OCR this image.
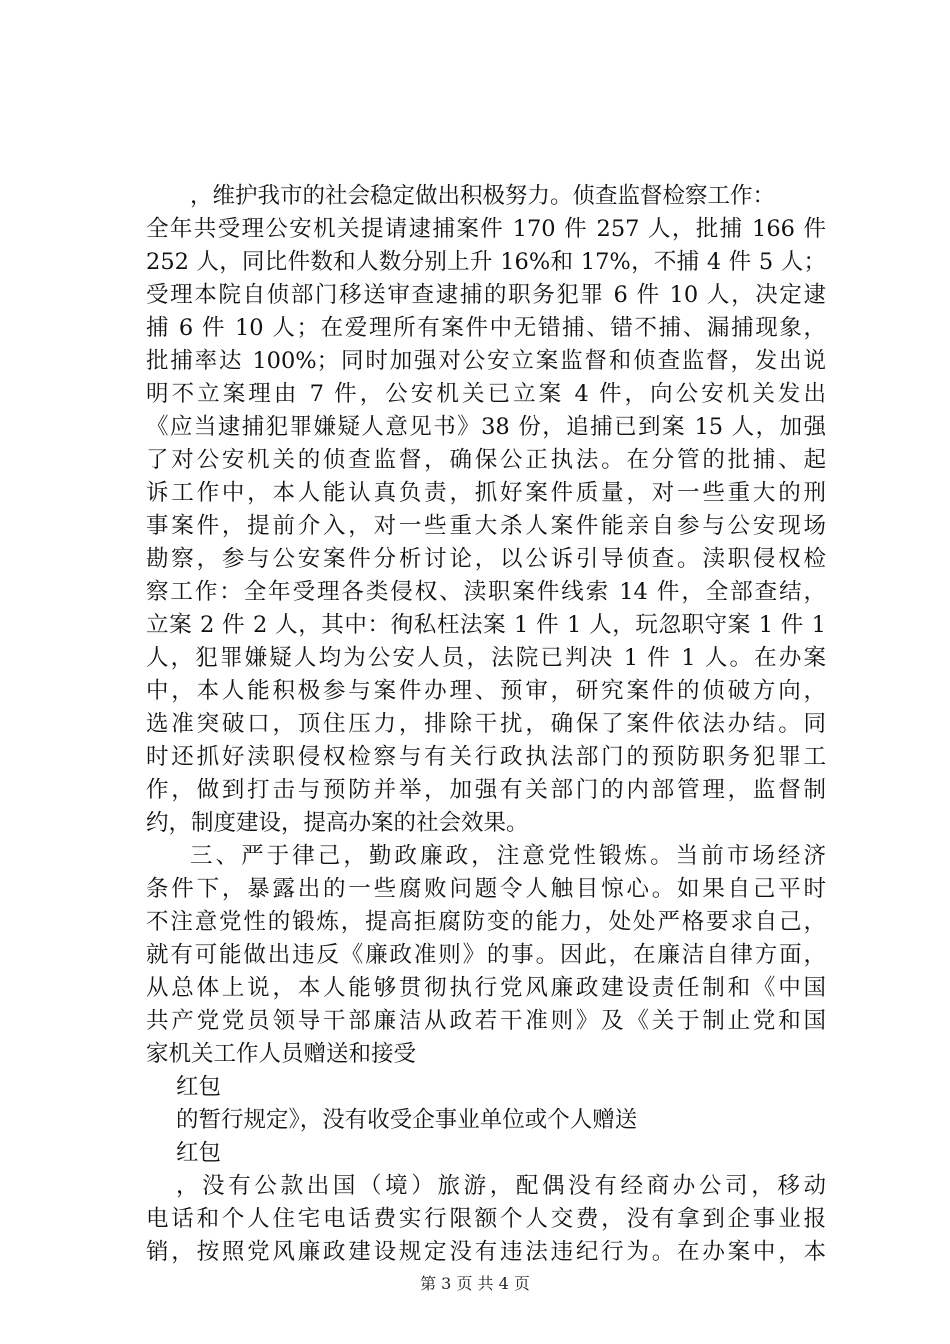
，维护我市的社会稳定做出积极努力。侦查监督检察工作：
全年共受理公安机关提请逮捕案件 170 件 257 人，批捕 166 件
252 人，同比件数和人数分别上升 16%和 17%，不捕 4 件 5 人；
受理本院自侦部门移送审查逮捕的职务犯罪 6 件 10 人，决定逮
捕 6 件 10 人；在爱理所有案件中无错捕、错不捕、漏捕现象，
批捕率达 100%；同时加强对公安立案监督和侦查监督，发出说
明不立案理由 7 件，公安机关已立案 4 件，向公安机关发出
《应当逮捕犯罪嫌疑人意见书》38 份，追捕已到案 15 人，加强
了对公安机关的侦查监督，确保公正执法。在分管的批捕、起
诉工作中，本人能认真负责，抓好案件质量，对一些重大的刑
事案件，提前介入，对一些重大杀人案件能亲自参与公安现场
勘察，参与公安案件分析讨论，以公诉引导侦查。渎职侵权检
察工作：全年受理各类侵权、渎职案件线索 14 件，全部查结，
立案 2 件 2 人，其中：徇私枉法案 1 件 1 人，玩忽职守案 1 件 1
人，犯罪嫌疑人均为公安人员，法院已判决 1 件 1 人。在办案
中，本人能积极参与案件办理、预审，研究案件的侦破方向，
选准突破口，顶住压力，排除干扰，确保了案件依法办结。同
时还抓好渎职侵权检察与有关行政执法部门的预防职务犯罪工
作，做到打击与预防并举，加强有关部门的内部管理，监督制
约，制度建设，提高办案的社会效果。
三、严于律己，勤政廉政，注意党性锻炼。当前市场经济
条件下，暴露出的一些腐败问题令人触目惊心。如果自己平时
不注意党性的锻炼，提高拒腐防变的能力，处处严格要求自己，
就有可能做出违反《廉政准则》的事。因此，在廉洁自律方面，
从总体上说，本人能够贯彻执行党风廉政建设责任制和《中国
共产党党员领导干部廉洁从政若干准则》及《关于制止党和国
家机关工作人员赠送和接受
红包
的暂行规定》，没有收受企事业单位或个人赠送
红包
，没有公款出国（境）旅游，配偶没有经商办公司，移动
电话和个人住宅电话费实行限额个人交费，没有拿到企事业报
销，按照党风廉政建设规定没有违法违纪行为。在办案中，本
第 3 页 共 4 页
